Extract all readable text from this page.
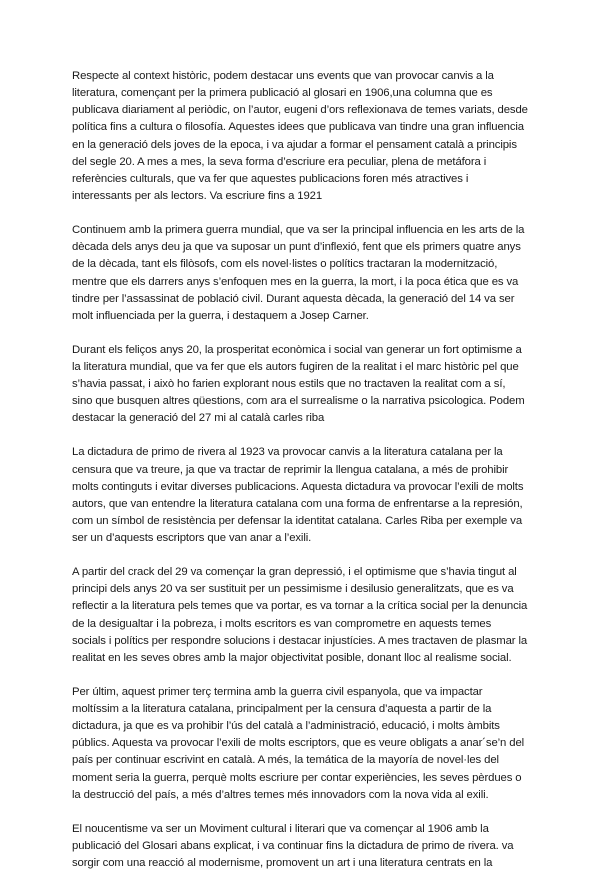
Respecte al context històric, podem destacar uns events que van provocar canvis a la literatura, començant per la primera publicació al glosari en 1906,una columna que es publicava diariament al periòdic, on l’autor, eugeni d’ors reflexionava de temes variats, desde política fins a cultura o filosofía. Aquestes idees que publicava van tindre una gran influencia en la generació dels joves de la epoca, i va ajudar a formar el pensament català a principis del segle 20. A mes a mes, la seva forma d’escriure era peculiar, plena de metáfora i referències culturals, que va fer que aquestes publicacions foren més atractives i interessants per als lectors. Va escriure fins a 1921

Continuem amb la primera guerra mundial, que va ser la principal influencia en les arts de la dècada dels anys deu ja que va suposar un punt d’inflexió, fent que els primers quatre anys de la dècada, tant els filòsofs, com els novel·listes o polítics tractaran la modernització, mentre que els darrers anys s’enfoquen mes en la guerra, la mort, i la poca ética que es va tindre per l’assassinat de població civil. Durant aquesta dècada, la generació del 14 va ser molt influenciada per la guerra, i destaquem a Josep Carner.

Durant els feliços anys 20, la prosperitat econòmica i social van generar un fort optimisme a la literatura mundial, que va fer que els autors fugiren de la realitat i el marc històric pel que s’havia passat, i això ho farien explorant nous estils que no tractaven la realitat com a sí, sino que busquen altres qüestions, com ara el surrealisme o la narrativa psicologica. Podem destacar la generació del 27 mi al català carles riba

La dictadura de primo de rivera al 1923 va provocar canvis a la literatura catalana per la censura que va treure, ja que va tractar de reprimir la llengua catalana, a més de prohibir molts continguts i evitar diverses publicacions. Aquesta dictadura va provocar l’exili de molts autors, que van entendre la literatura catalana com una forma de enfrentarse a la represión, com un símbol de resistència per defensar la identitat catalana. Carles Riba per exemple va ser un d’aquests escriptors que van anar a l’exili.

A partir del crack del 29 va començar la gran depressió, i el optimisme que s’havia tingut al principi dels anys 20 va ser sustituit per un pessimisme i desilusio generalitzats, que es va reflectir a la literatura pels temes que va portar, es va tornar a la crítica social per la denuncia de la desigualtar i la pobreza, i molts escritors es van comprometre en aquests temes socials i polítics per respondre solucions i destacar injustícies. A mes tractaven de plasmar la realitat en les seves obres amb la major objectivitat posible, donant lloc al realisme social.

Per últim, aquest primer terç termina amb la guerra civil espanyola, que va impactar moltíssim a la literatura catalana, principalment per la censura d’aquesta a partir de la dictadura, ja que es va prohibir l’ús del català a l’administració, educació, i molts àmbits públics. Aquesta va provocar l’exili de molts escriptors, que es veure obligats a anar´se’n del país per continuar escrivint en català. A més, la temática de la mayoría de novel·les del moment seria la guerra, perquè molts escriure per contar experiències, les seves pèrdues o la destrucció del país, a més d’altres temes més innovadors com la nova vida al exili.

El noucentisme va ser un Moviment cultural i literari que va començar al 1906 amb la publicació del Glosari abans explicat, i va continuar fins la dictadura de primo de rivera. va sorgir com una reacció al modernisme, promovent un art i una literatura centrats en la
